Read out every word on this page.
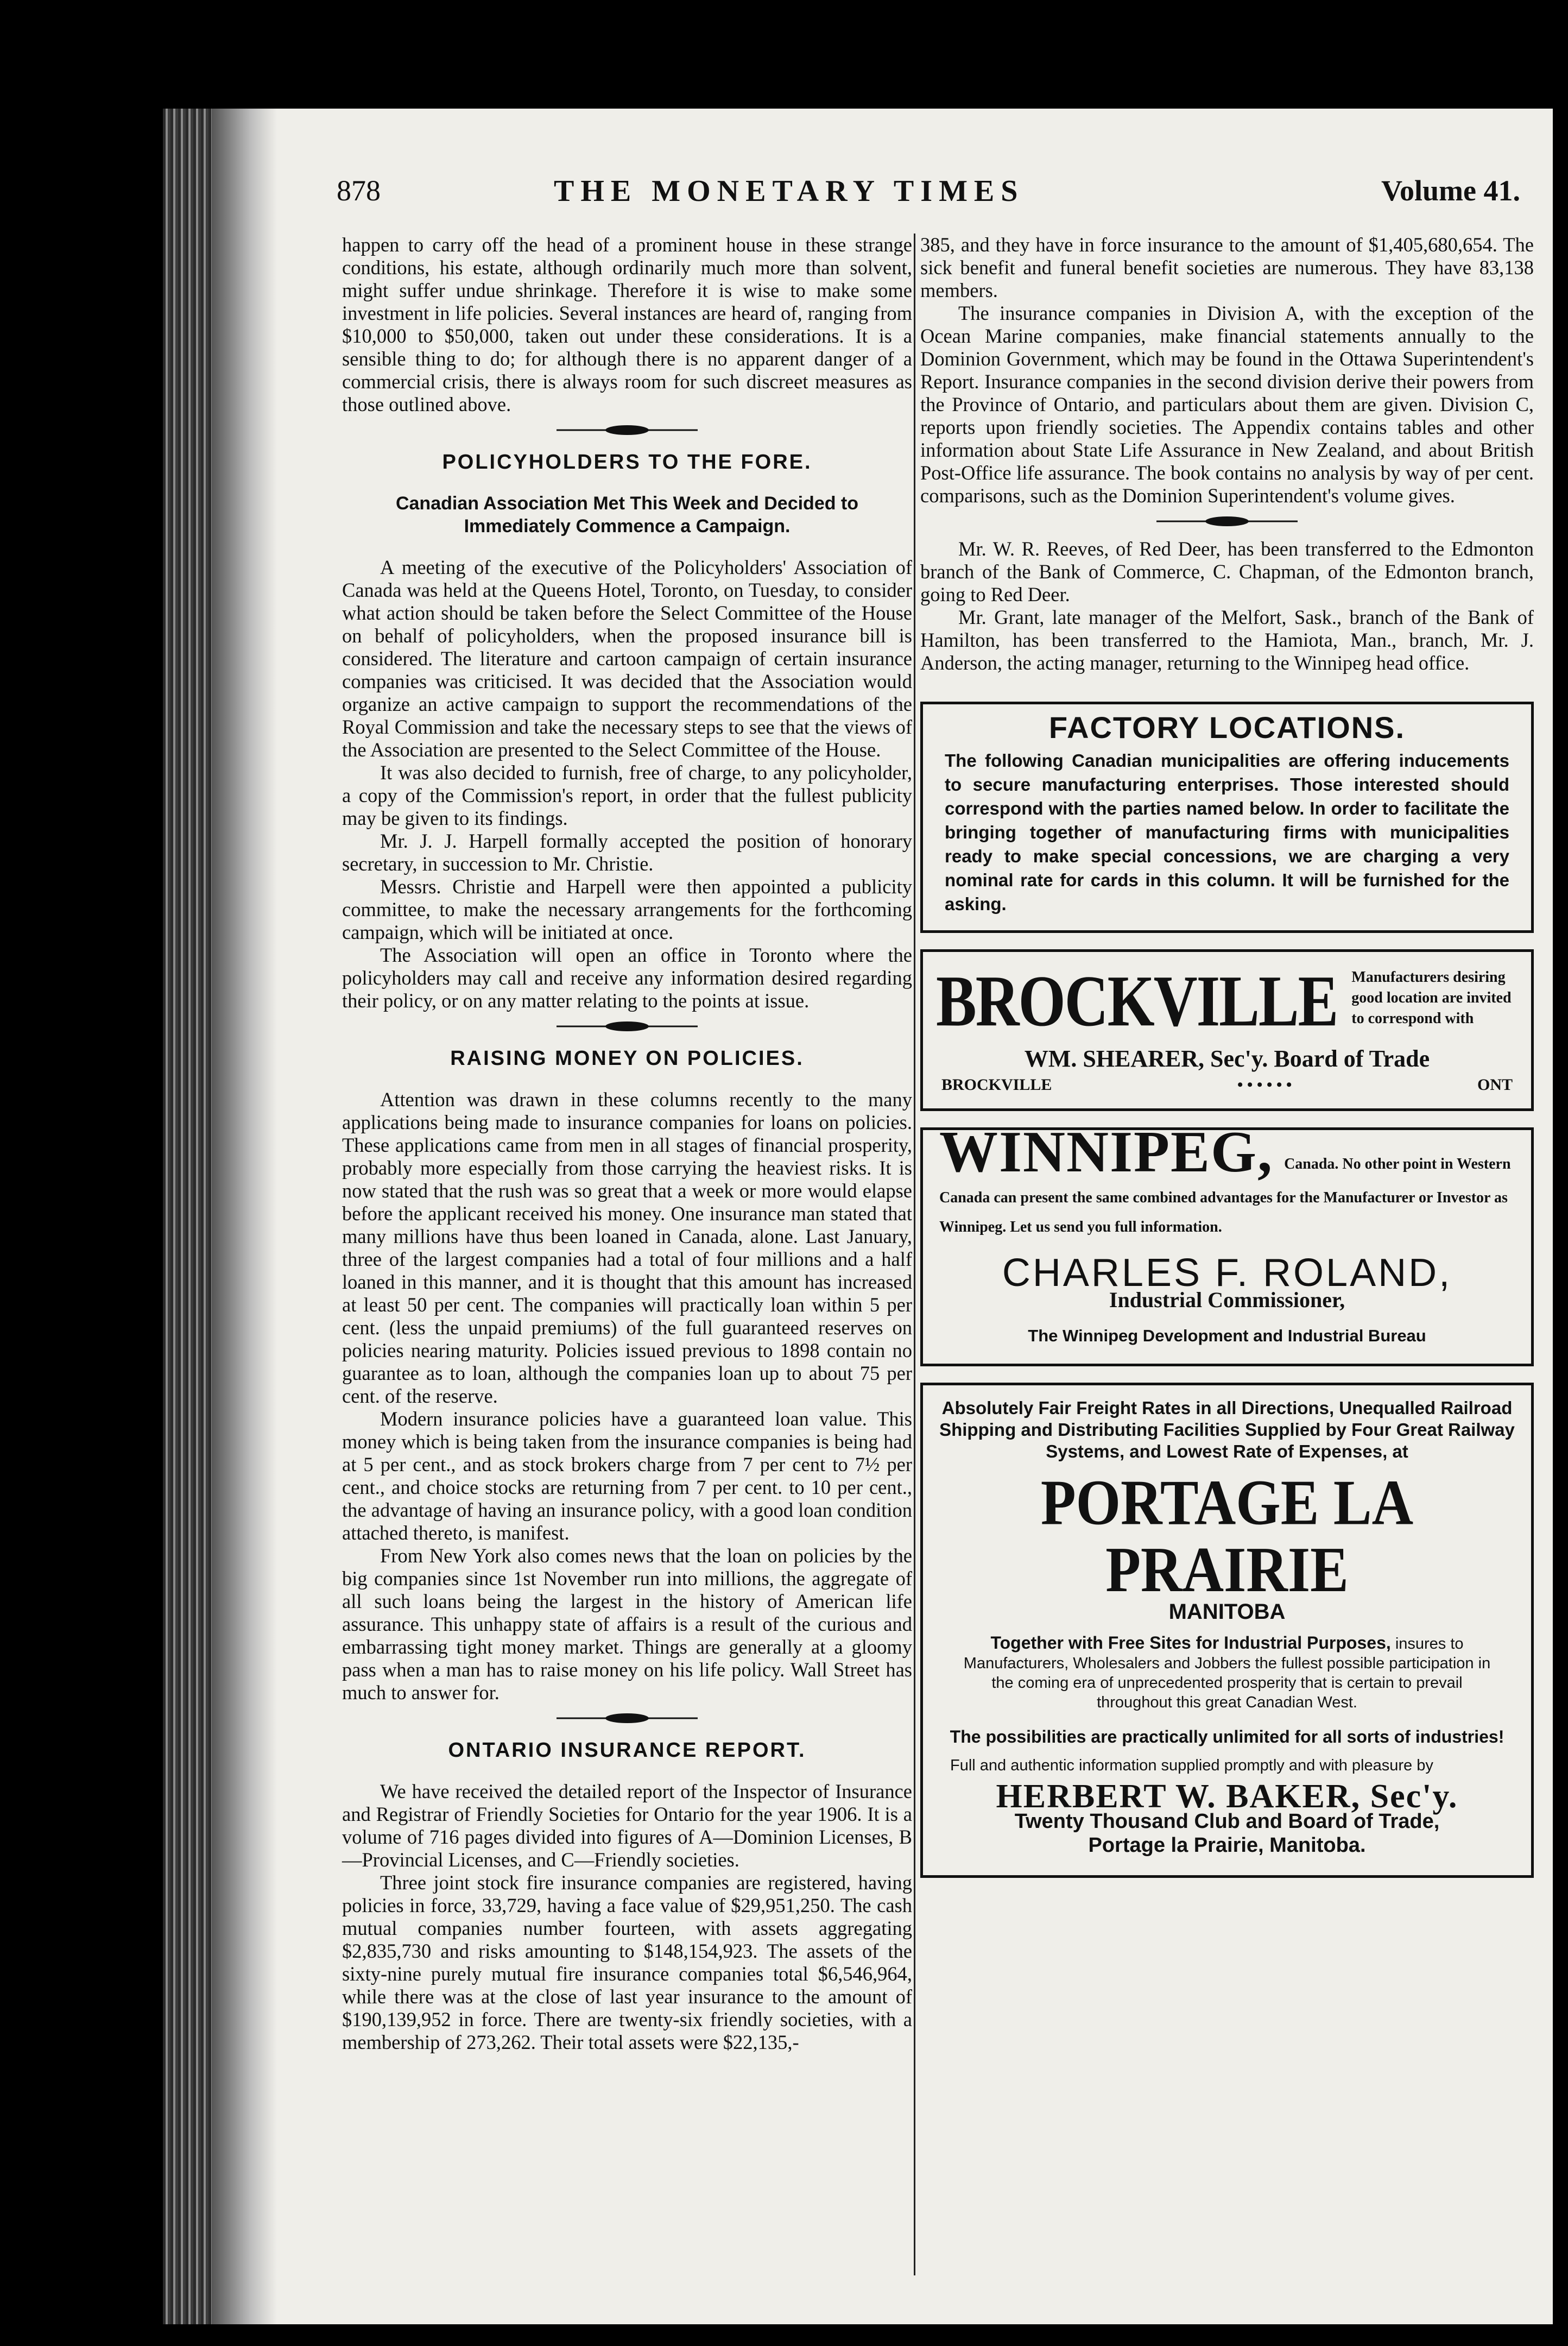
878	THE MONETARY TIMES	Volume 41.

happen to carry off the head of a prominent house in these strange conditions, his estate, although ordinarily much more than solvent, might suffer undue shrinkage. Therefore it is wise to make some investment in life policies. Several instances are heard of, ranging from $10,000 to $50,000, taken out under these considerations. It is a sensible thing to do; for although there is no apparent danger of a commercial crisis, there is always room for such discreet measures as those outlined above.

POLICYHOLDERS TO THE FORE.
Canadian Association Met This Week and Decided to Immediately Commence a Campaign.

A meeting of the executive of the Policyholders' Association of Canada was held at the Queens Hotel, Toronto, on Tuesday, to consider what action should be taken before the Select Committee of the House on behalf of policyholders, when the proposed insurance bill is considered. The literature and cartoon campaign of certain insurance companies was criticised. It was decided that the Association would organize an active campaign to support the recommendations of the Royal Commission and take the necessary steps to see that the views of the Association are presented to the Select Committee of the House.

It was also decided to furnish, free of charge, to any policyholder, a copy of the Commission's report, in order that the fullest publicity may be given to its findings.

Mr. J. J. Harpell formally accepted the position of honorary secretary, in succession to Mr. Christie.

Messrs. Christie and Harpell were then appointed a publicity committee, to make the necessary arrangements for the forthcoming campaign, which will be initiated at once.

The Association will open an office in Toronto where the policyholders may call and receive any information desired regarding their policy, or on any matter relating to the points at issue.

RAISING MONEY ON POLICIES.

Attention was drawn in these columns recently to the many applications being made to insurance companies for loans on policies. These applications came from men in all stages of financial prosperity, probably more especially from those carrying the heaviest risks. It is now stated that the rush was so great that a week or more would elapse before the applicant received his money. One insurance man stated that many millions have thus been loaned in Canada, alone. Last January, three of the largest companies had a total of four millions and a half loaned in this manner, and it is thought that this amount has increased at least 50 per cent. The companies will practically loan within 5 per cent. (less the unpaid premiums) of the full guaranteed reserves on policies nearing maturity. Policies issued previous to 1898 contain no guarantee as to loan, although the companies loan up to about 75 per cent. of the reserve.

Modern insurance policies have a guaranteed loan value. This money which is being taken from the insurance companies is being had at 5 per cent., and as stock brokers charge from 7 per cent to 7½ per cent., and choice stocks are returning from 7 per cent. to 10 per cent., the advantage of having an insurance policy, with a good loan condition attached thereto, is manifest.

From New York also comes news that the loan on policies by the big companies since 1st November run into millions, the aggregate of all such loans being the largest in the history of American life assurance. This unhappy state of affairs is a result of the curious and embarrassing tight money market. Things are generally at a gloomy pass when a man has to raise money on his life policy. Wall Street has much to answer for.

ONTARIO INSURANCE REPORT.

We have received the detailed report of the Inspector of Insurance and Registrar of Friendly Societies for Ontario for the year 1906. It is a volume of 716 pages divided into figures of A—Dominion Licenses, B—Provincial Licenses, and C—Friendly societies.

Three joint stock fire insurance companies are registered, having policies in force, 33,729, having a face value of $29,951,250. The cash mutual companies number fourteen, with assets aggregating $2,835,730 and risks amounting to $148,154,923. The assets of the sixty-nine purely mutual fire insurance companies total $6,546,964, while there was at the close of last year insurance to the amount of $190,139,952 in force. There are twenty-six friendly societies, with a membership of 273,262. Their total assets were $22,135,-

385, and they have in force insurance to the amount of $1,405,680,654. The sick benefit and funeral benefit societies are numerous. They have 83,138 members.

The insurance companies in Division A, with the exception of the Ocean Marine companies, make financial statements annually to the Dominion Government, which may be found in the Ottawa Superintendent's Report. Insurance companies in the second division derive their powers from the Province of Ontario, and particulars about them are given. Division C, reports upon friendly societies. The Appendix contains tables and other information about State Life Assurance in New Zealand, and about British Post-Office life assurance. The book contains no analysis by way of per cent. comparisons, such as the Dominion Superintendent's volume gives.

Mr. W. R. Reeves, of Red Deer, has been transferred to the Edmonton branch of the Bank of Commerce, C. Chapman, of the Edmonton branch, going to Red Deer.

Mr. Grant, late manager of the Melfort, Sask., branch of the Bank of Hamilton, has been transferred to the Hamiota, Man., branch, Mr. J. Anderson, the acting manager, returning to the Winnipeg head office.

FACTORY LOCATIONS.
The following Canadian municipalities are offering inducements to secure manufacturing enterprises. Those interested should correspond with the parties named below. In order to facilitate the bringing together of manufacturing firms with municipalities ready to make special concessions, we are charging a very nominal rate for cards in this column. It will be furnished for the asking.
BROCKVILLE Manufacturers desiring good location are invited to correspond with
WM. SHEARER, Sec'y. Board of Trade
BROCKVILLE	• • • • • •	ONT
WINNIPEG, Canada. No other point in Western
Canada can present the same combined advantages for the Manufacturer or Investor as Winnipeg. Let us send you full information.
CHARLES F. ROLAND,
Industrial Commissioner,
The Winnipeg Development and Industrial Bureau
Absolutely Fair Freight Rates in all Directions, Unequalled Railroad Shipping and Distributing Facilities Supplied by Four Great Railway Systems, and Lowest Rate of Expenses, at
PORTAGE LA PRAIRIE
MANITOBA
Together with Free Sites for Industrial Purposes, insures to Manufacturers, Wholesalers and Jobbers the fullest possible participation in the coming era of unprecedented prosperity that is certain to prevail throughout this great Canadian West.
The possibilities are practically unlimited for all sorts of industries!
Full and authentic information supplied promptly and with pleasure by
HERBERT W. BAKER, Sec'y.
Twenty Thousand Club and Board of Trade,
Portage la Prairie, Manitoba.
